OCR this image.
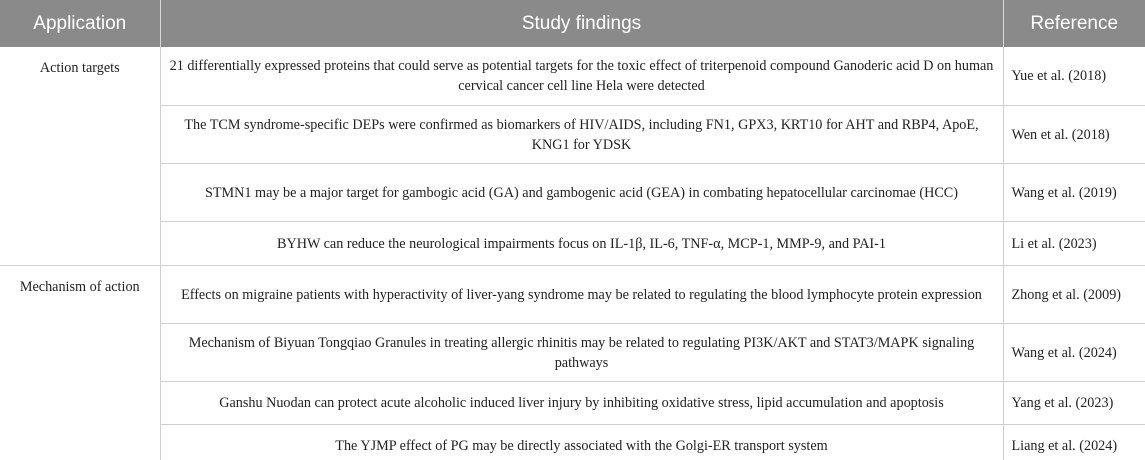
Application	Study findings	Reference
Action targets	21 differentially expressed proteins that could serve as potential targets for the toxic effect of triterpenoid compound Ganoderic acid D on human cervical cancer cell line Hela were detected	Yue et al. (2018)
	The TCM syndrome-specific DEPs were confirmed as biomarkers of HIV/AIDS, including FN1, GPX3, KRT10 for AHT and RBP4, ApoE, KNG1 for YDSK	Wen et al. (2018)
	STMN1 may be a major target for gambogic acid (GA) and gambogenic acid (GEA) in combating hepatocellular carcinomae (HCC)	Wang et al. (2019)
	BYHW can reduce the neurological impairments focus on IL-1β, IL-6, TNF-α, MCP-1, MMP-9, and PAI-1	Li et al. (2023)
Mechanism of action	Effects on migraine patients with hyperactivity of liver-yang syndrome may be related to regulating the blood lymphocyte protein expression	Zhong et al. (2009)
	Mechanism of Biyuan Tongqiao Granules in treating allergic rhinitis may be related to regulating PI3K/AKT and STAT3/MAPK signaling pathways	Wang et al. (2024)
	Ganshu Nuodan can protect acute alcoholic induced liver injury by inhibiting oxidative stress, lipid accumulation and apoptosis	Yang et al. (2023)
	The YJMP effect of PG may be directly associated with the Golgi-ER transport system	Liang et al. (2024)
